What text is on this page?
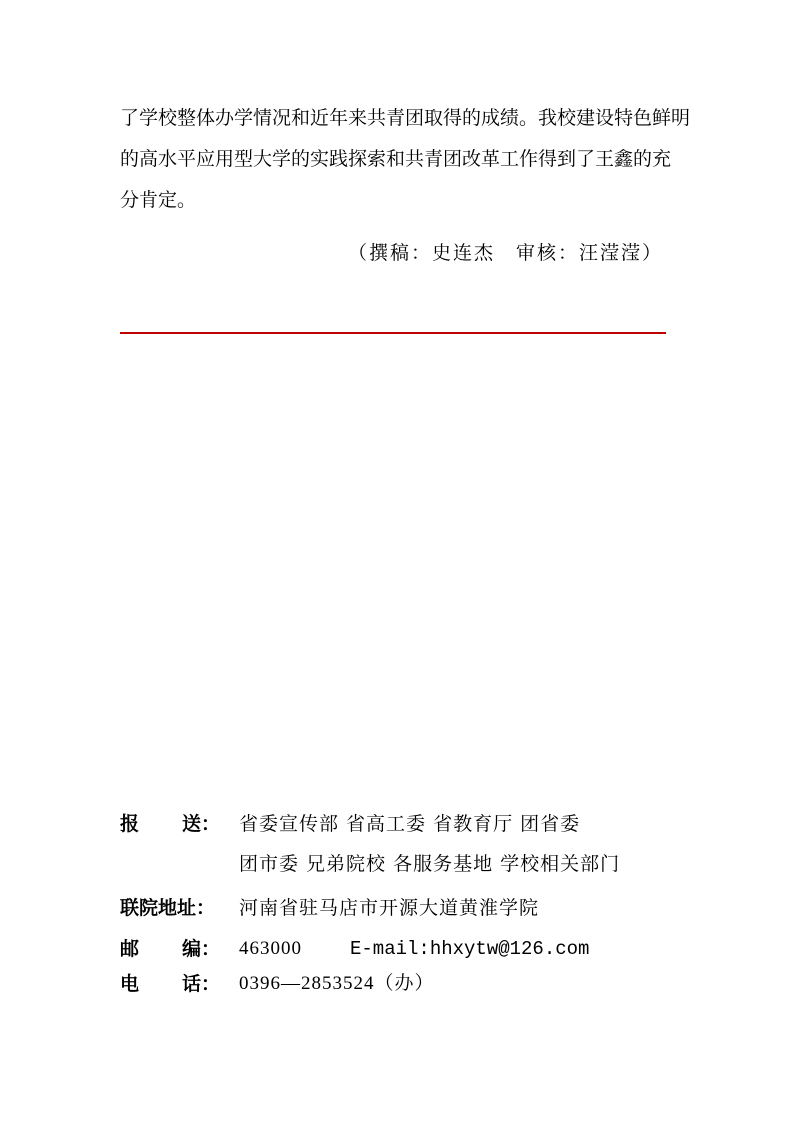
了学校整体办学情况和近年来共青团取得的成绩。我校建设特色鲜明
的高水平应用型大学的实践探索和共青团改革工作得到了王鑫的充
分肯定。
（撰稿：史连杰　审核：汪滢滢）
报 送： 省委宣传部 省高工委 省教育厅 团省委
团市委 兄弟院校 各服务基地 学校相关部门
联院地址：	河南省驻马店市开源大道黄淮学院
邮 编： 463000	E-mail:hhxytw@126.com
电 话： 0396—2853524（办）
